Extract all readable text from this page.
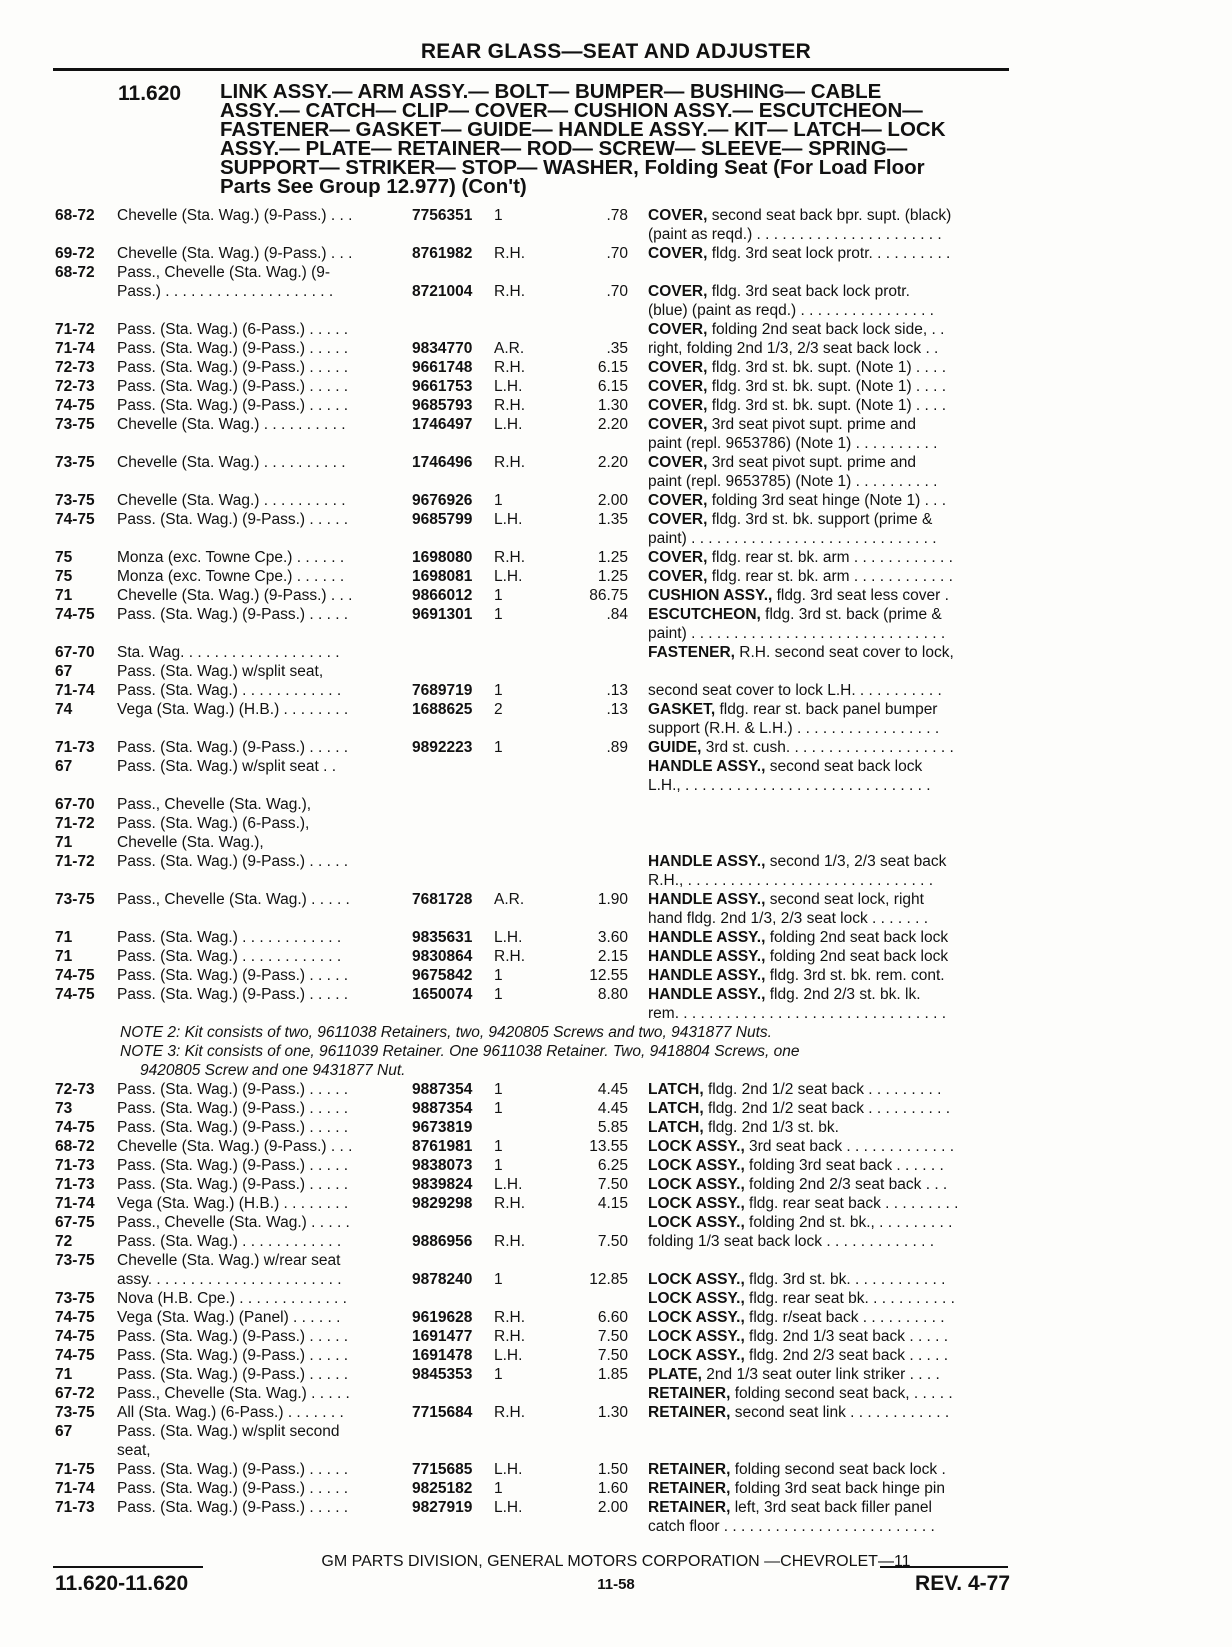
REAR GLASS—SEAT AND ADJUSTER
11.620 LINK ASSY.— ARM ASSY.— BOLT— BUMPER— BUSHING— CABLE
ASSY.— CATCH— CLIP— COVER— CUSHION ASSY.— ESCUTCHEON—
FASTENER— GASKET— GUIDE— HANDLE ASSY.— KIT— LATCH— LOCK
ASSY.— PLATE— RETAINER— ROD— SCREW— SLEEVE— SPRING—
SUPPORT— STRIKER— STOP— WASHER, Folding Seat (For Load Floor
Parts See Group 12.977) (Con't)
68-72	Chevelle (Sta. Wag.) (9-Pass.) . . .	7756351	1	.78 COVER, second seat back bpr. supt. (black)
(paint as reqd.) . . . . . . . . . . . . . . . . . . . . . .
69-72	Chevelle (Sta. Wag.) (9-Pass.) . . .	8761982	R.H.	.70 COVER, fldg. 3rd seat lock protr. . . . . . . . . .
68-72	Pass., Chevelle (Sta. Wag.) (9-
Pass.) . . . . . . . . . . . . . . . . . . . .	8721004	R.H.	.70 COVER, fldg. 3rd seat back lock protr.
(blue) (paint as reqd.) . . . . . . . . . . . . . . . .
71-72	Pass. (Sta. Wag.) (6-Pass.) . . . . .	COVER, folding 2nd seat back lock side, . .
71-74	Pass. (Sta. Wag.) (9-Pass.) . . . . .	9834770	A.R.	.35 right, folding 2nd 1/3, 2/3 seat back lock . .
72-73	Pass. (Sta. Wag.) (9-Pass.) . . . . .	9661748	R.H.	6.15 COVER, fldg. 3rd st. bk. supt. (Note 1) . . . .
72-73	Pass. (Sta. Wag.) (9-Pass.) . . . . .	9661753	L.H.	6.15 COVER, fldg. 3rd st. bk. supt. (Note 1) . . . .
74-75	Pass. (Sta. Wag.) (9-Pass.) . . . . .	9685793	R.H.	1.30 COVER, fldg. 3rd st. bk. supt. (Note 1) . . . .
73-75	Chevelle (Sta. Wag.) . . . . . . . . . .	1746497	L.H.	2.20 COVER, 3rd seat pivot supt. prime and
paint (repl. 9653786) (Note 1) . . . . . . . . . .
73-75	Chevelle (Sta. Wag.) . . . . . . . . . .	1746496	R.H.	2.20 COVER, 3rd seat pivot supt. prime and
paint (repl. 9653785) (Note 1) . . . . . . . . . .
73-75	Chevelle (Sta. Wag.) . . . . . . . . . .	9676926	1	2.00 COVER, folding 3rd seat hinge (Note 1) . . .
74-75	Pass. (Sta. Wag.) (9-Pass.) . . . . .	9685799	L.H.	1.35 COVER, fldg. 3rd st. bk. support (prime &
paint) . . . . . . . . . . . . . . . . . . . . . . . . . . . . .
75	Monza (exc. Towne Cpe.) . . . . . .	1698080	R.H.	1.25 COVER, fldg. rear st. bk. arm . . . . . . . . . . . .
75	Monza (exc. Towne Cpe.) . . . . . .	1698081	L.H.	1.25 COVER, fldg. rear st. bk. arm . . . . . . . . . . . .
71	Chevelle (Sta. Wag.) (9-Pass.) . . .	9866012	1	86.75 CUSHION ASSY., fldg. 3rd seat less cover .
74-75	Pass. (Sta. Wag.) (9-Pass.) . . . . .	9691301	1	.84 ESCUTCHEON, fldg. 3rd st. back (prime &
paint) . . . . . . . . . . . . . . . . . . . . . . . . . . . . . .
67-70	Sta. Wag. . . . . . . . . . . . . . . . . . .	FASTENER, R.H. second seat cover to lock,
67	Pass. (Sta. Wag.) w/split seat,
71-74	Pass. (Sta. Wag.) . . . . . . . . . . . .	7689719	1	.13 second seat cover to lock L.H. . . . . . . . . . .
74	Vega (Sta. Wag.) (H.B.) . . . . . . . .	1688625	2	.13 GASKET, fldg. rear st. back panel bumper
support (R.H. & L.H.) . . . . . . . . . . . . . . . . .
71-73	Pass. (Sta. Wag.) (9-Pass.) . . . . .	9892223	1	.89 GUIDE, 3rd st. cush. . . . . . . . . . . . . . . . . . . .
67	Pass. (Sta. Wag.) w/split seat . .	HANDLE ASSY., second seat back lock
L.H., . . . . . . . . . . . . . . . . . . . . . . . . . . . . .
67-70	Pass., Chevelle (Sta. Wag.),
71-72	Pass. (Sta. Wag.) (6-Pass.),
71	Chevelle (Sta. Wag.),
71-72	Pass. (Sta. Wag.) (9-Pass.) . . . . .	HANDLE ASSY., second 1/3, 2/3 seat back
R.H., . . . . . . . . . . . . . . . . . . . . . . . . . . . . .
73-75	Pass., Chevelle (Sta. Wag.) . . . . .	7681728	A.R.	1.90 HANDLE ASSY., second seat lock, right
hand fldg. 2nd 1/3, 2/3 seat lock . . . . . . .
71	Pass. (Sta. Wag.) . . . . . . . . . . . .	9835631	L.H.	3.60 HANDLE ASSY., folding 2nd seat back lock
71	Pass. (Sta. Wag.) . . . . . . . . . . . .	9830864	R.H.	2.15 HANDLE ASSY., folding 2nd seat back lock
74-75	Pass. (Sta. Wag.) (9-Pass.) . . . . .	9675842	1	12.55 HANDLE ASSY., fldg. 3rd st. bk. rem. cont.
74-75	Pass. (Sta. Wag.) (9-Pass.) . . . . .	1650074	1	8.80 HANDLE ASSY., fldg. 2nd 2/3 st. bk. lk.
rem. . . . . . . . . . . . . . . . . . . . . . . . . . . . . . . .
NOTE 2: Kit consists of two, 9611038 Retainers, two, 9420805 Screws and two, 9431877 Nuts.
NOTE 3: Kit consists of one, 9611039 Retainer. One 9611038 Retainer. Two, 9418804 Screws, one
9420805 Screw and one 9431877 Nut.
72-73	Pass. (Sta. Wag.) (9-Pass.) . . . . .	9887354	1	4.45 LATCH, fldg. 2nd 1/2 seat back . . . . . . . . .
73	Pass. (Sta. Wag.) (9-Pass.) . . . . .	9887354	1	4.45 LATCH, fldg. 2nd 1/2 seat back . . . . . . . . . .
74-75	Pass. (Sta. Wag.) (9-Pass.) . . . . .	9673819	5.85 LATCH, fldg. 2nd 1/3 st. bk.
68-72	Chevelle (Sta. Wag.) (9-Pass.) . . .	8761981	1	13.55 LOCK ASSY., 3rd seat back . . . . . . . . . . . . .
71-73	Pass. (Sta. Wag.) (9-Pass.) . . . . .	9838073	1	6.25 LOCK ASSY., folding 3rd seat back . . . . . .
71-73	Pass. (Sta. Wag.) (9-Pass.) . . . . .	9839824	L.H.	7.50 LOCK ASSY., folding 2nd 2/3 seat back . . .
71-74	Vega (Sta. Wag.) (H.B.) . . . . . . . .	9829298	R.H.	4.15 LOCK ASSY., fldg. rear seat back . . . . . . . . .
67-75	Pass., Chevelle (Sta. Wag.) . . . . .	LOCK ASSY., folding 2nd st. bk., . . . . . . . . .
72	Pass. (Sta. Wag.) . . . . . . . . . . . .	9886956	R.H.	7.50 folding 1/3 seat back lock . . . . . . . . . . . . .
73-75	Chevelle (Sta. Wag.) w/rear seat
assy. . . . . . . . . . . . . . . . . . . . . . .	9878240	1	12.85 LOCK ASSY., fldg. 3rd st. bk. . . . . . . . . . . .
73-75	Nova (H.B. Cpe.) . . . . . . . . . . . . .	LOCK ASSY., fldg. rear seat bk. . . . . . . . . . .
74-75	Vega (Sta. Wag.) (Panel) . . . . . .	9619628	R.H.	6.60 LOCK ASSY., fldg. r/seat back . . . . . . . . . .
74-75	Pass. (Sta. Wag.) (9-Pass.) . . . . .	1691477	R.H.	7.50 LOCK ASSY., fldg. 2nd 1/3 seat back . . . . .
74-75	Pass. (Sta. Wag.) (9-Pass.) . . . . .	1691478	L.H.	7.50 LOCK ASSY., fldg. 2nd 2/3 seat back . . . . .
71	Pass. (Sta. Wag.) (9-Pass.) . . . . .	9845353	1	1.85 PLATE, 2nd 1/3 seat outer link striker . . . .
67-72	Pass., Chevelle (Sta. Wag.) . . . . .	RETAINER, folding second seat back, . . . . .
73-75	All (Sta. Wag.) (6-Pass.) . . . . . . .	7715684	R.H.	1.30 RETAINER, second seat link . . . . . . . . . . . .
67	Pass. (Sta. Wag.) w/split second
seat,
71-75	Pass. (Sta. Wag.) (9-Pass.) . . . . .	7715685	L.H.	1.50 RETAINER, folding second seat back lock .
71-74	Pass. (Sta. Wag.) (9-Pass.) . . . . .	9825182	1	1.60 RETAINER, folding 3rd seat back hinge pin
71-73	Pass. (Sta. Wag.) (9-Pass.) . . . . .	9827919	L.H.	2.00 RETAINER, left, 3rd seat back filler panel
catch floor . . . . . . . . . . . . . . . . . . . . . . . . .
GM PARTS DIVISION, GENERAL MOTORS CORPORATION —CHEVROLET—11
11.620-11.620	11-58	REV. 4-77
